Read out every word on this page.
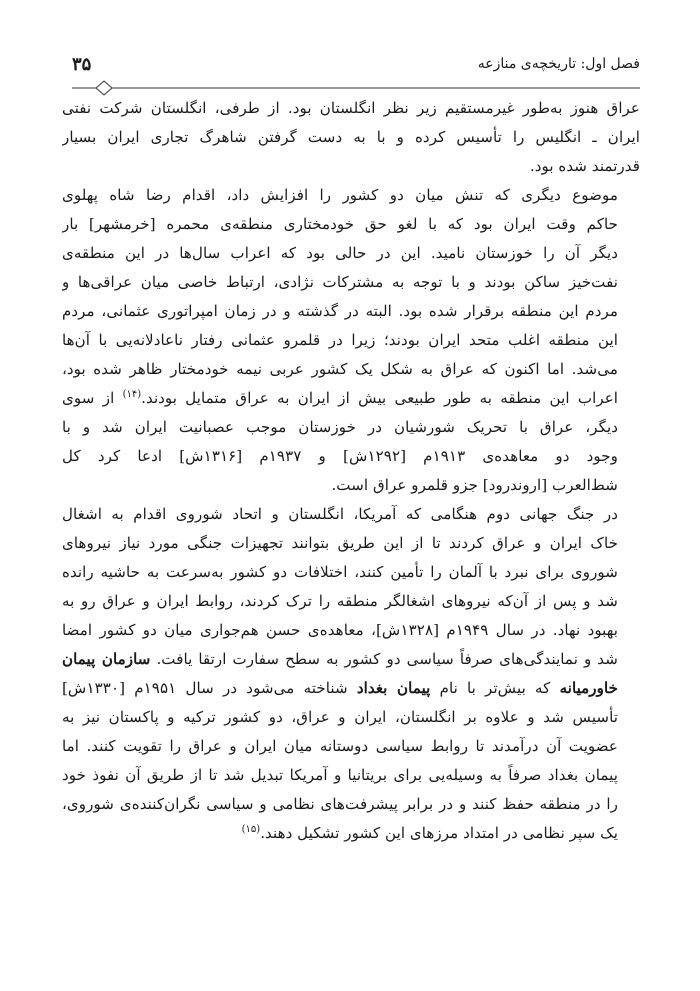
فصل اول: تاریخچه‌ی منازعه
۳۵

عراق هنوز به‌طور غیرمستقیم زیر نظر انگلستان بود. از طرفی، انگلستان شرکت نفتی
ایران ـ انگلیس را تأسیس کرده و با به دست گرفتن شاهرگ تجاری ایران بسیار
قدرتمند شده بود.

موضوع دیگری که تنش میان دو کشور را افزایش داد، اقدام رضا شاه پهلوی
حاکم وقت ایران بود که با لغو حق خودمختاری منطقه‌ی محمره [خرمشهر] بار
دیگر آن را خوزستان نامید. این در حالی بود که اعراب سال‌ها در این منطقه‌ی
نفت‌خیز ساکن بودند و با توجه به مشترکات نژادی، ارتباط خاصی میان عراقی‌ها و
مردم این منطقه برقرار شده بود. البته در گذشته و در زمان امپراتوری عثمانی، مردم
این منطقه اغلب متحد ایران بودند؛ زیرا در قلمرو عثمانی رفتار ناعادلانه‌یی با آن‌ها
می‌شد. اما اکنون که عراق به شکل یک کشور عربی نیمه خودمختار ظاهر شده بود،
اعراب این منطقه به طور طبیعی بیش از ایران به عراق متمایل بودند.$^{(۱۴)}$ از سوی
دیگر، عراق با تحریک شورشیان در خوزستان موجب عصبانیت ایران شد و با
وجود دو معاهده‌ی ۱۹۱۳م [۱۲۹۲ش] و ۱۹۳۷م [۱۳۱۶ش] ادعا کرد کل
شط‌العرب [اروندرود] جزو قلمرو عراق است.

در جنگ جهانی دوم هنگامی که آمریکا، انگلستان و اتحاد شوروی اقدام به اشغال
خاک ایران و عراق کردند تا از این طریق بتوانند تجهیزات جنگی مورد نیاز نیروهای
شوروی برای نبرد با آلمان را تأمین کنند، اختلافات دو کشور به‌سرعت به حاشیه رانده
شد و پس از آن‌که نیروهای اشغالگر منطقه را ترک کردند، روابط ایران و عراق رو به
بهبود نهاد. در سال ۱۹۴۹م [۱۳۲۸ش]، معاهده‌ی حسن هم‌جواری میان دو کشور امضا
شد و نمایندگی‌های صرفاً سیاسی دو کشور به سطح سفارت ارتقا یافت. سازمان پیمان
خاورمیانه که بیش‌تر با نام پیمان بغداد شناخته می‌شود در سال ۱۹۵۱م [۱۳۳۰ش]
تأسیس شد و علاوه بر انگلستان، ایران و عراق، دو کشور ترکیه و پاکستان نیز به
عضویت آن درآمدند تا روابط سیاسی دوستانه میان ایران و عراق را تقویت کنند. اما
پیمان بغداد صرفاً به وسیله‌یی برای بریتانیا و آمریکا تبدیل شد تا از طریق آن نفوذ خود
را در منطقه حفظ کنند و در برابر پیشرفت‌های نظامی و سیاسی نگران‌کننده‌ی شوروی،
یک سپر نظامی در امتداد مرزهای این کشور تشکیل دهند.$^{(۱۵)}$
